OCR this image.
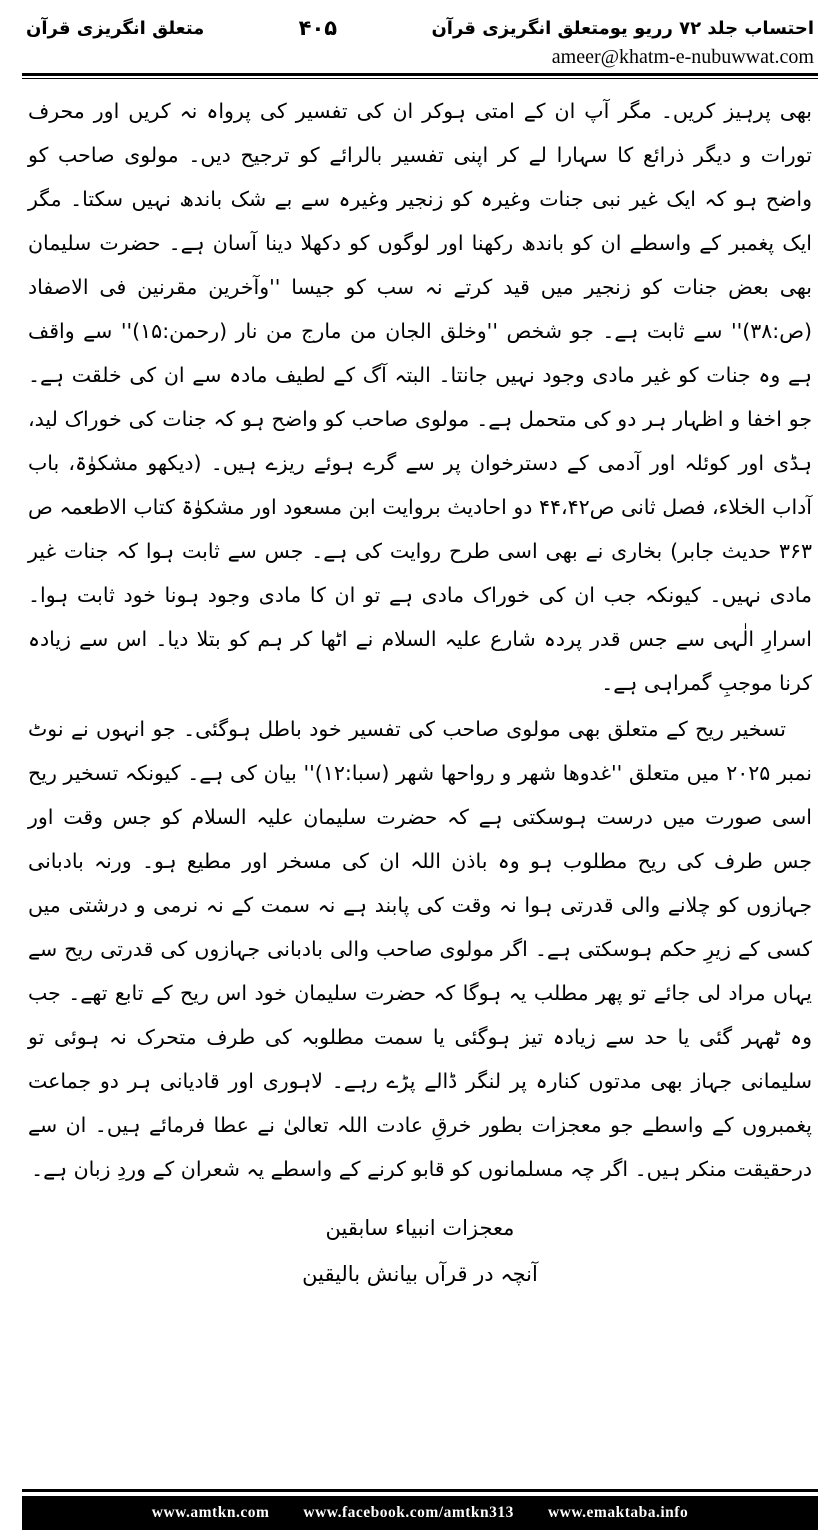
احتساب جلد ۷۲ رریو یومتعلق انگریزی قرآن
۴۰۵
متعلق انگریزی قرآن
ameer@khatm-e-nubuwwat.com

بھی پرہیز کریں۔ مگر آپ ان کے امتی ہوکر ان کی تفسیر کی پرواہ نہ کریں اور محرف تورات و دیگر ذرائع کا سہارا لے کر اپنی تفسیر بالرائے کو ترجیح دیں۔ مولوی صاحب کو واضح ہو کہ ایک غیر نبی جنات وغیرہ کو زنجیر وغیرہ سے بے شک باندھ نہیں سکتا۔ مگر ایک پغمبر کے واسطے ان کو باندھ رکھنا اور لوگوں کو دکھلا دینا آسان ہے۔ حضرت سلیمان بھی بعض جنات کو زنجیر میں قید کرتے نہ سب کو جیسا ''وآخرین مقرنین فی الاصفاد (ص:۳۸)'' سے ثابت ہے۔ جو شخص ''وخلق الجان من مارج من نار (رحمن:۱۵)'' سے واقف ہے وہ جنات کو غیر مادی وجود نہیں جانتا۔ البتہ آگ کے لطیف مادہ سے ان کی خلقت ہے۔ جو اخفا و اظہار ہر دو کی متحمل ہے۔ مولوی صاحب کو واضح ہو کہ جنات کی خوراک لید، ہڈی اور کوئلہ اور آدمی کے دسترخوان پر سے گرے ہوئے ریزے ہیں۔ (دیکھو مشکوٰۃ، باب آداب الخلاء، فصل ثانی ص۴۴،۴۲ دو احادیث بروایت ابن مسعود اور مشکوٰۃ کتاب الاطعمہ ص ۳۶۳ حدیث جابر) بخاری نے بھی اسی طرح روایت کی ہے۔ جس سے ثابت ہوا کہ جنات غیر مادی نہیں۔ کیونکہ جب ان کی خوراک مادی ہے تو ان کا مادی وجود ہونا خود ثابت ہوا۔ اسرارِ الٰہی سے جس قدر پردہ شارع علیہ السلام نے اٹھا کر ہم کو بتلا دیا۔ اس سے زیادہ کرنا موجبِ گمراہی ہے۔

تسخیر ریح کے متعلق بھی مولوی صاحب کی تفسیر خود باطل ہوگئی۔ جو انہوں نے نوٹ نمبر ۲۰۲۵ میں متعلق ''غدوھا شھر و رواحھا شھر (سبا:۱۲)'' بیان کی ہے۔ کیونکہ تسخیر ریح اسی صورت میں درست ہوسکتی ہے کہ حضرت سلیمان علیہ السلام کو جس وقت اور جس طرف کی ریح مطلوب ہو وہ باذن اللہ ان کی مسخر اور مطیع ہو۔ ورنہ بادبانی جہازوں کو چلانے والی قدرتی ہوا نہ وقت کی پابند ہے نہ سمت کے نہ نرمی و درشتی میں کسی کے زیرِ حکم ہوسکتی ہے۔ اگر مولوی صاحب والی بادبانی جہازوں کی قدرتی ریح سے یہاں مراد لی جائے تو پھر مطلب یہ ہوگا کہ حضرت سلیمان خود اس ریح کے تابع تھے۔ جب وہ ٹھہر گئی یا حد سے زیادہ تیز ہوگئی یا سمت مطلوبہ کی طرف متحرک نہ ہوئی تو سلیمانی جہاز بھی مدتوں کنارہ پر لنگر ڈالے پڑے رہے۔ لاہوری اور قادیانی ہر دو جماعت پغمبروں کے واسطے جو معجزات بطور خرقِ عادت اللہ تعالیٰ نے عطا فرمائے ہیں۔ ان سے درحقیقت منکر ہیں۔ اگر چہ مسلمانوں کو قابو کرنے کے واسطے یہ شعران کے وردِ زبان ہے۔

معجزات انبیاء سابقین
آنچہ در قرآں بیانش بالیقین
www.amtkn.com www.facebook.com/amtkn313 www.emaktaba.info
